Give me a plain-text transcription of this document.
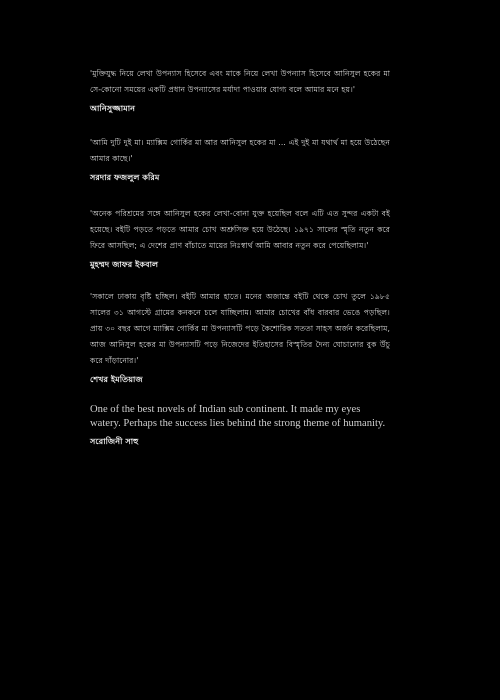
'মুক্তিযুদ্ধ নিয়ে লেখা উপন্যাস হিসেবে এবং মাকে নিয়ে লেখা উপন্যাস হিসেবে আনিসুল হকের মা সে-কোনো সময়ের একটি প্রধান উপন্যাসের মর্যাদা পাওয়ার যোগ্য বলে আমার মনে হয়।'

আনিসুজ্জামান

'আমি দুটি দুই মা। ম্যাক্সিম গোর্কির মা আর আনিসুল হকের মা ... এই দুই মা যথার্থ মা হয়ে উঠেছেন আমার কাছে।'

সরদার ফজলুল করিম

'অনেক পরিশ্রমের সঙ্গে আনিসুল হকের লেখা-বোনা যুক্ত হয়েছিল বলে এটি এত সুন্দর একটা বই হয়েছে। বইটি পড়তে পড়তে আমার চোখ অশ্রুসিক্ত হয়ে উঠেছে। ১৯৭১ সালের স্মৃতি নতুন করে ফিরে আসছিল; এ দেশের প্রাণ বাঁচাতে মায়ের নিঃস্বার্থ আমি আবার নতুন করে পেয়েছিলাম।'

মুহম্মদ জাফর ইকবাল

'সকালে ঢাকায় বৃষ্টি হচ্ছিল। বইটি আমার হাতে। মনের অজান্তে বইটি থেকে চোখ তুলে ১৯৮৫ সালের ৩১ আগস্টে গ্রামের কনকনে চলে যাচ্ছিলাম। আমার চোখের বাঁধ বারবার ভেঙে পড়ছিল। প্রায় ৩০ বছর আগে ম্যাক্সিম গোর্কির মা উপন্যাসটি পড়ে কৈশোরিক সততা সাহস অর্জন করেছিলাম, আজ আনিসুল হকের মা উপন্যাসটি পড়ে নিজেদের ইতিহাসের বিস্মৃতির দৈন্য ঘোচানোর বুক উঁচু করে দাঁড়ানোর।'

শেখর ইমতিয়াজ

One of the best novels of Indian sub continent. It made my eyes watery. Perhaps the success lies behind the strong theme of humanity.

সরোজিনী সাহু
